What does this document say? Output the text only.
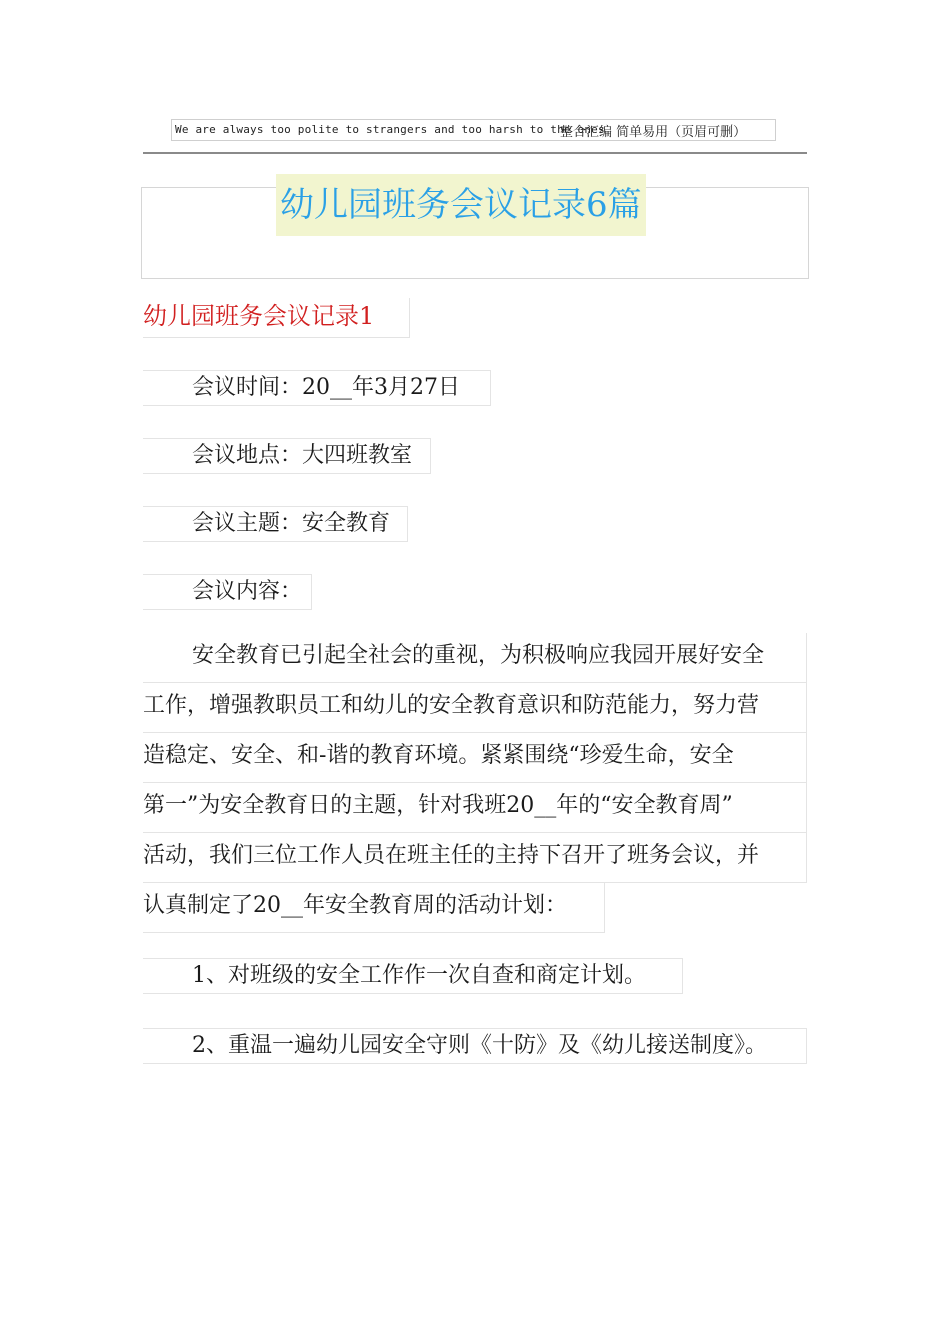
We are always too polite to strangers and too harsh to the ones
整合汇编 简单易用（页眉可删）
幼儿园班务会议记录6篇
幼儿园班务会议记录1
会议时间：20__年3月27日
会议地点：大四班教室
会议主题：安全教育
会议内容：
安全教育已引起全社会的重视，为积极响应我园开展好安全
工作，增强教职员工和幼儿的安全教育意识和防范能力，努力营
造稳定、安全、和-谐的教育环境。紧紧围绕“珍爱生命，安全
第一”为安全教育日的主题，针对我班20__年的“安全教育周”
活动，我们三位工作人员在班主任的主持下召开了班务会议，并
认真制定了20__年安全教育周的活动计划：
1、对班级的安全工作作一次自查和商定计划。
2、重温一遍幼儿园安全守则《十防》及《幼儿接送制度》。
